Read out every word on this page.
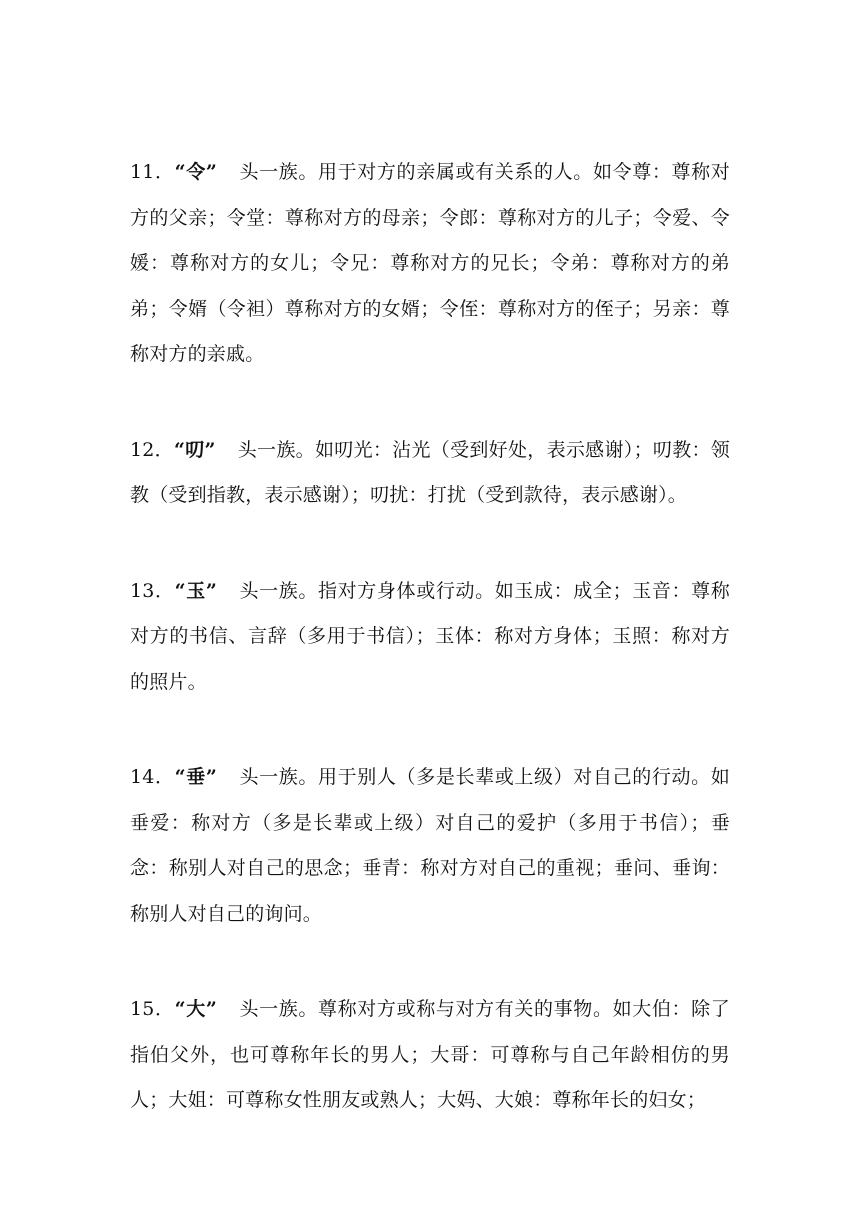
11．“令” 头一族。用于对方的亲属或有关系的人。如令尊：尊称对方的父亲；令堂：尊称对方的母亲；令郎：尊称对方的儿子；令爱、令媛：尊称对方的女儿；令兄：尊称对方的兄长；令弟：尊称对方的弟弟；令婿（令袒）尊称对方的女婿；令侄：尊称对方的侄子；另亲：尊称对方的亲戚。

12．“叨” 头一族。如叨光：沾光（受到好处，表示感谢）；叨教：领教（受到指教，表示感谢）；叨扰：打扰（受到款待，表示感谢）。

13．“玉” 头一族。指对方身体或行动。如玉成：成全；玉音：尊称对方的书信、言辞（多用于书信）；玉体：称对方身体；玉照：称对方的照片。

14．“垂” 头一族。用于别人（多是长辈或上级）对自己的行动。如垂爱：称对方（多是长辈或上级）对自己的爱护（多用于书信）；垂念：称别人对自己的思念；垂青：称对方对自己的重视；垂问、垂询：称别人对自己的询问。

15．“大” 头一族。尊称对方或称与对方有关的事物。如大伯：除了指伯父外，也可尊称年长的男人；大哥：可尊称与自己年龄相仿的男人；大姐：可尊称女性朋友或熟人；大妈、大娘：尊称年长的妇女；
